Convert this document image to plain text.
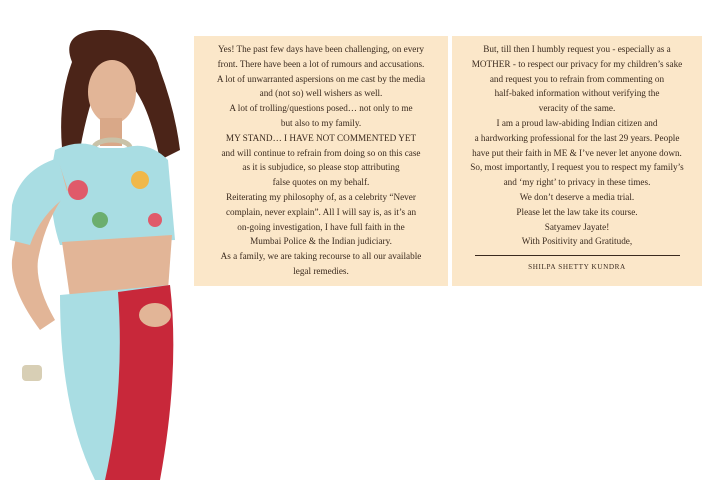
Yes! The past few days have been challenging, on every
front. There have been a lot of rumours and accusations.
A lot of unwarranted aspersions on me cast by the media
and (not so) well wishers as well.
A lot of trolling/questions posed… not only to me
but also to my family.
MY STAND… I HAVE NOT COMMENTED YET
and will continue to refrain from doing so on this case
as it is subjudice, so please stop attributing
false quotes on my behalf.
Reiterating my philosophy of, as a celebrity “Never
complain, never explain”. All I will say is, as it’s an
on-going investigation, I have full faith in the
Mumbai Police & the Indian judiciary.
As a family, we are taking recourse to all our available
legal remedies.
But, till then I humbly request you - especially as a
MOTHER - to respect our privacy for my children’s sake
and request you to refrain from commenting on
half-baked information without verifying the
veracity of the same.
I am a proud law-abiding Indian citizen and
a hardworking professional for the last 29 years. People
have put their faith in ME & I’ve never let anyone down.
So, most importantly, I request you to respect my family’s
and ‘my right’ to privacy in these times.
We don’t deserve a media trial.
Please let the law take its course.
Satyamev Jayate!
With Positivity and Gratitude,
SHILPA SHETTY KUNDRA
